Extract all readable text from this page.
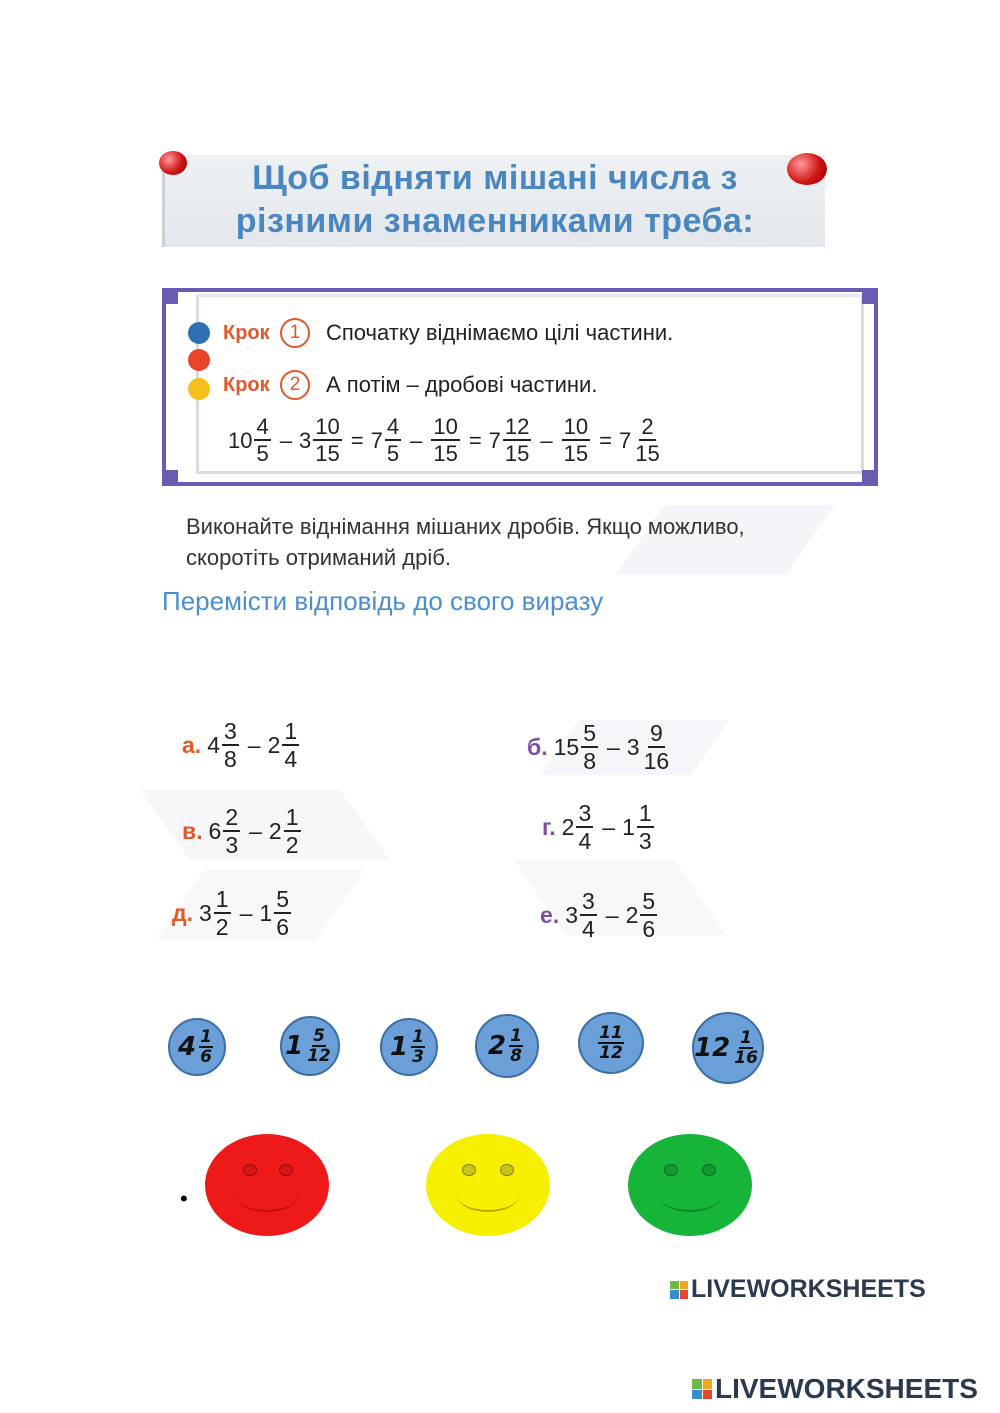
Щоб відняти мішані числа з
різними знаменниками треба:
Крок	1	Спочатку віднімаємо цілі частини.
Крок	2	А потім – дробові частини.
$10 \frac{4}{5} - 3 \frac{10}{15} = 7 \frac{4}{5} - \frac{10}{15} = 7 \frac{12}{15} - \frac{10}{15} = 7 \frac{2}{15}$
Виконайте віднімання мішаних дробів. Якщо можливо,
скоротіть отриманий дріб.
Перемісти відповідь до свого виразу
а. $4 \frac{3}{8} - 2 \frac{1}{4}$	б. $15 \frac{5}{8} - 3 \frac{9}{16}$
в. $6 \frac{2}{3} - 2 \frac{1}{2}$	г. $2 \frac{3}{4} - 1 \frac{1}{3}$
д. $3 \frac{1}{2} - 1 \frac{5}{6}$	е. $3 \frac{3}{4} - 2 \frac{5}{6}$
$4 \frac{1}{6}$	$1 \frac{5}{12} 1 \frac{1}{3} 2 \frac{1}{8}$	$\frac{11}{12}$	$12 \frac{1}{16}$
•
LIVEWORKSHEETS
LIVEWORKSHEETS
